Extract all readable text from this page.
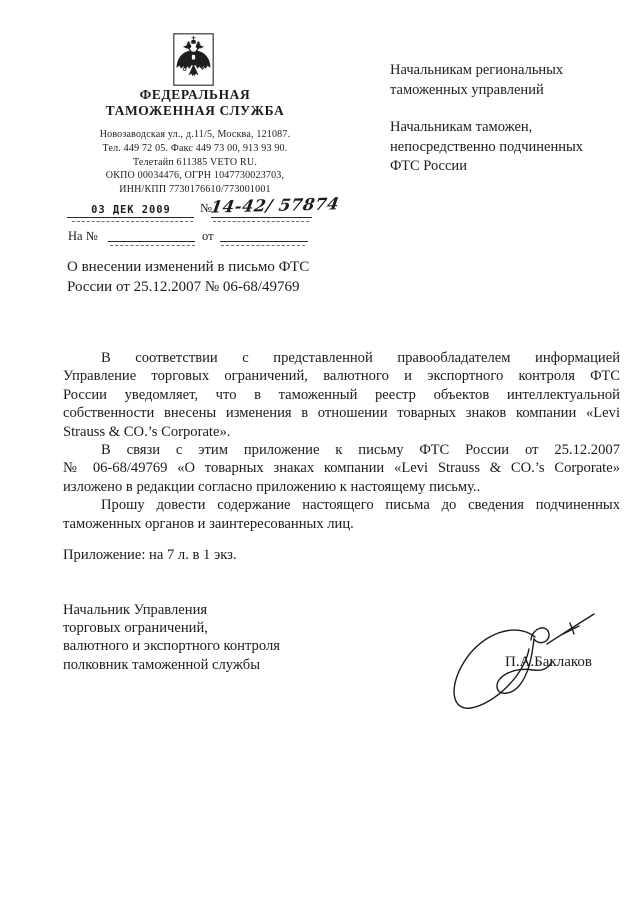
ФЕДЕРАЛЬНАЯ
ТАМОЖЕННАЯ СЛУЖБА
Новозаводская ул., д.11/5, Москва, 121087.
Тел. 449 72 05. Факс 449 73 00, 913 93 90.
Телетайп 611385 VETO RU.
ОКПО 00034476, ОГРН 1047730023703,
ИНН/КПП 7730176610/773001001
03 ДЕК 2009	№
14-42/ 57874
На №	от
О внесении изменений в письмо ФТС
России от 25.12.2007 № 06-68/49769
Начальникам региональных
таможенных управлений
Начальникам таможен,
непосредственно подчиненных
ФТС России
В соответствии с представленной правообладателем информацией
Управление торговых ограничений, валютного и экспортного контроля ФТС
России уведомляет, что в таможенный реестр объектов интеллектуальной
собственности внесены изменения в отношении товарных знаков компании «Levi
Strauss & CO.’s Corporate».
В связи с этим приложение к письму ФТС России от 25.12.2007
№ 06-68/49769 «О товарных знаках компании «Levi Strauss & CO.’s Corporate»
изложено в редакции согласно приложению к настоящему письму..
Прошу довести содержание настоящего письма до сведения подчиненных
таможенных органов и заинтересованных лиц.
Приложение: на 7 л. в 1 экз.
Начальник Управления
торговых ограничений,
валютного и экспортного контроля
полковник таможенной службы	П.А.Баклаков
